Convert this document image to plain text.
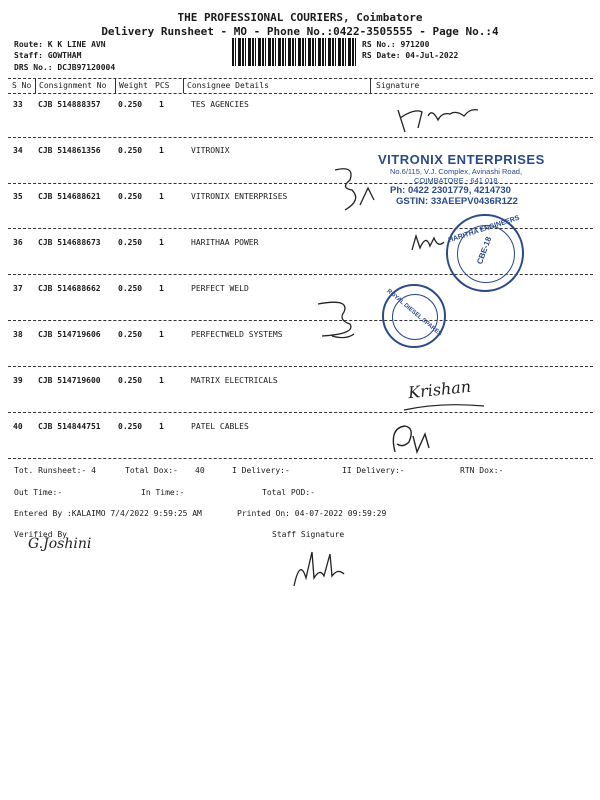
THE PROFESSIONAL COURIERS, Coimbatore
Delivery Runsheet - MO - Phone No.:0422-3505555 - Page No.:4
Route: K K LINE AVN
Staff: GOWTHAM
DRS No.: DCJB97120004
RS No.: 971200
RS Date: 04-Jul-2022
S No Consignment No Weight PCS Consignee Details	Signature
33 CJB 514888357 0.250 1	TES AGENCIES
34 CJB 514861356 0.250 1	VITRONIX
35 CJB 514688621 0.250 1	VITRONIX ENTERPRISES
36 CJB 514688673 0.250 1	HARITHAA POWER
37 CJB 514688662 0.250 1	PERFECT WELD
38 CJB 514719606 0.250 1	PERFECTWELD SYSTEMS
39 CJB 514719600 0.250 1	MATRIX ELECTRICALS
40 CJB 514844751 0.250 1	PATEL CABLES
Tot. Runsheet:- 4	Total Dox:- 40	I Delivery:-	II Delivery:-	RTN Dox:-
Out Time:-	In Time:-	Total POD:-
Entered By :KALAIMO 7/4/2022 9:59:25 AM	Printed On: 04-07-2022 09:59:29
Verified By	Staff Signature
VITRONIX ENTERPRISES
No.6/115, V.J. Complex, Avinashi Road,
COIMBATORE - 641 018.
Ph: 0422 2301779, 4214730
GSTIN: 33AEEPV0436R1Z2
HARITHA ENGINEERS
CBE-18
ROYAL DIESEL SPARES
Krishan
G.Joshini
